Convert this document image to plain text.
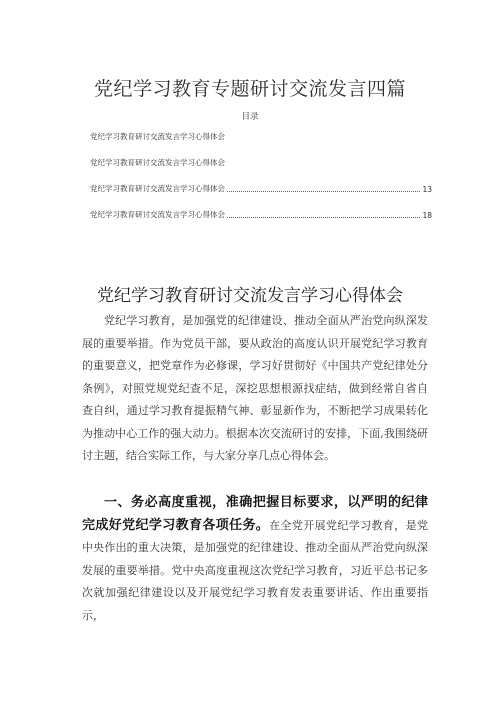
党纪学习教育专题研讨交流发言四篇
目录
党纪学习教育研讨交流发言学习心得体会
党纪学习教育研讨交流发言学习心得体会
党纪学习教育研讨交流发言学习心得体会	13
党纪学习教育研讨交流发言学习心得体会	18
党纪学习教育研讨交流发言学习心得体会

党纪学习教育，是加强党的纪律建设、推动全面从严治党向纵深发展的重要举措。作为党员干部，要从政治的高度认识开展党纪学习教育的重要意义，把党章作为必修课，学习好贯彻好《中国共产党纪律处分条例》，对照党规党纪查不足，深挖思想根源找症结，做到经常自省自查自纠，通过学习教育提振精气神、彰显新作为，不断把学习成果转化为推动中心工作的强大动力。根据本次交流研讨的安排，下面,我围绕研讨主题，结合实际工作，与大家分享几点心得体会。

一、务必高度重视，准确把握目标要求，以严明的纪律完成好党纪学习教育各项任务。在全党开展党纪学习教育，是党中央作出的重大决策，是加强党的纪律建设、推动全面从严治党向纵深发展的重要举措。党中央高度重视这次党纪学习教育，习近平总书记多次就加强纪律建设以及开展党纪学习教育发表重要讲话、作出重要指示，
